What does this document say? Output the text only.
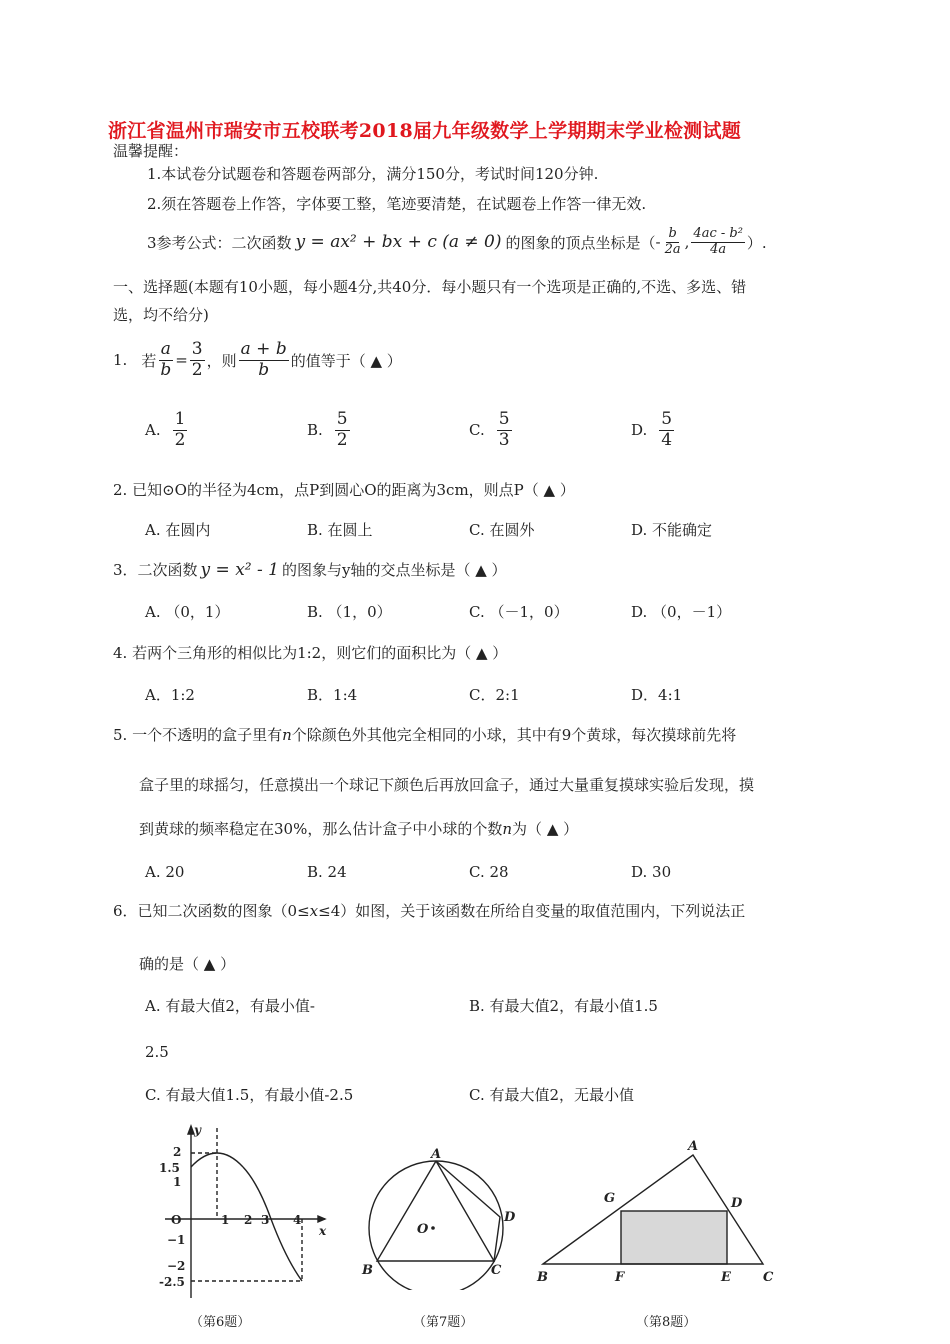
浙江省温州市瑞安市五校联考2018届九年级数学上学期期末学业检测试题
温馨提醒：
1.本试卷分试题卷和答题卷两部分，满分150分，考试时间120分钟.
2.须在答题卷上作答，字体要工整，笔迹要清楚，在试题卷上作答一律无效.
3参考公式：二次函数 y = ax² + bx + c (a ≠ 0) 的图象的顶点坐标是（ - $\frac{b}{2a}$ , $\frac{\text{4ac - b²}}{4a}$ ）.
一、选择题(本题有10小题，每小题4分,共40分．每小题只有一个选项是正确的,不选、多选、错
选，均不给分)
1. 若 $\frac{a}{b} = \frac{3}{2}$ ，则 $\frac{a + b}{b}$ 的值等于（ ▲ ）
A. $\frac{1}{2}$	B. $\frac{5}{2}$	C. $\frac{5}{3}$	D. $\frac{5}{4}$
2. 已知⊙O的半径为4cm，点P到圆心O的距离为3cm，则点P（ ▲ ）
A. 在圆内	B. 在圆上	C. 在圆外	D. 不能确定
3．二次函数 y = x² - 1 的图象与y轴的交点坐标是（ ▲ ）
A. （0，1）	B. （1，0）	C. （－1，0）	D. （0，－1）
4. 若两个三角形的相似比为1:2，则它们的面积比为（ ▲ ）
A．1:2	B．1:4	C．2:1	D．4:1
5. 一个不透明的盒子里有n个除颜色外其他完全相同的小球，其中有9个黄球，每次摸球前先将
盒子里的球摇匀，任意摸出一个球记下颜色后再放回盒子，通过大量重复摸球实验后发现，摸
到黄球的频率稳定在30%，那么估计盒子中小球的个数n为（ ▲ ）
A. 20	B. 24	C. 28	D. 30
6．已知二次函数的图象（0≤x≤4）如图，关于该函数在所给自变量的取值范围内，下列说法正
确的是（ ▲ ）
A. 有最大值2，有最小值-	B. 有最大值2，有最小值1.5
2.5
C. 有最大值1.5，有最小值-2.5	C. 有最大值2，无最小值
y
x
O
2
1.5
1
−1
−2
-2.5
1 2 3 4
（第6题）
A
B	C
D
O
（第7题）
A
B	C
D
E
F
G
（第8题）
